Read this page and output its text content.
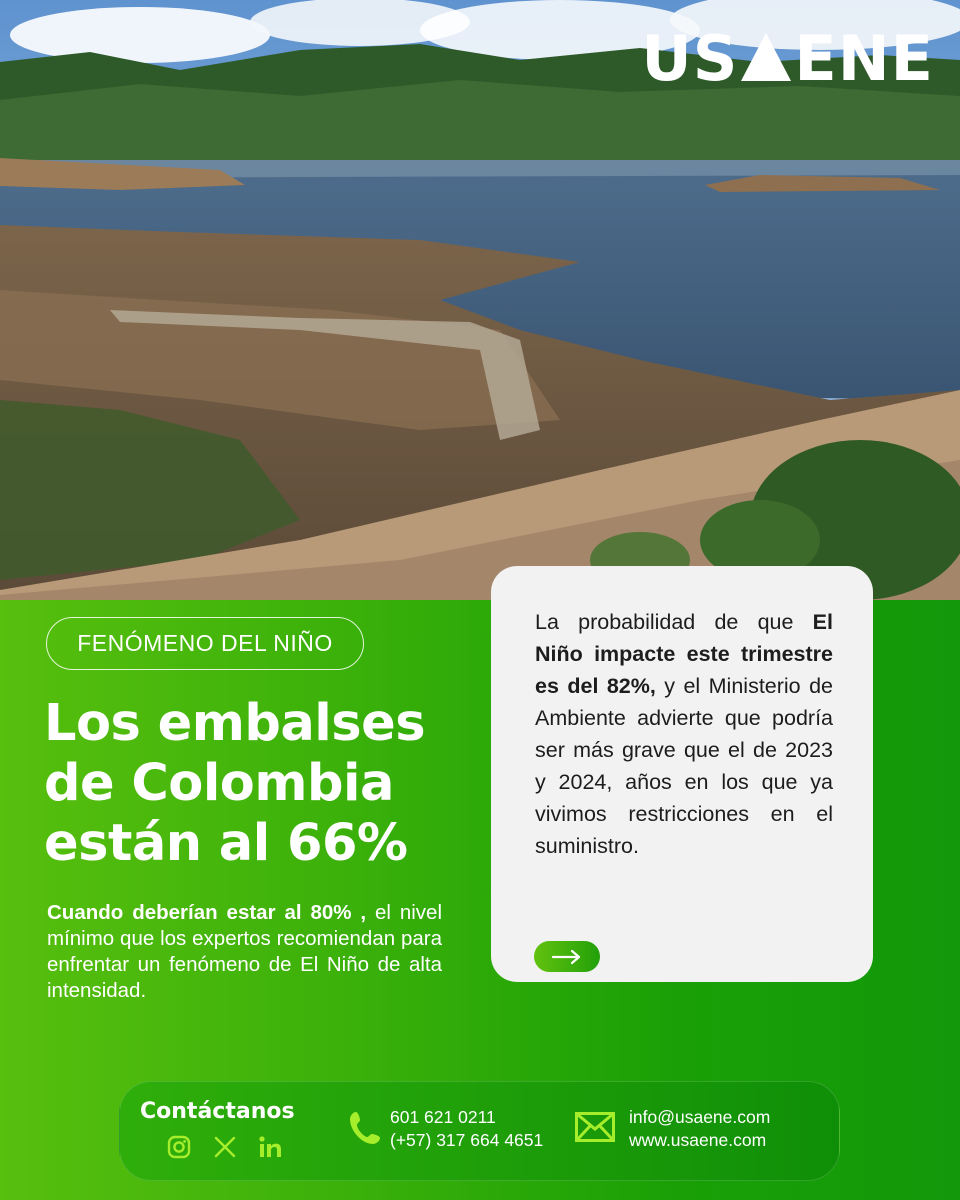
US ENE
FENÓMENO DEL NIÑO
Los embalses
de Colombia
están al 66%

Cuando deberían estar al 80% , el nivel mínimo que los expertos recomiendan para enfrentar un fenómeno de El Niño de alta intensidad.

La probabilidad de que El Niño impacte este trimestre es del 82%, y el Ministerio de Ambiente advierte que podría ser más grave que el de 2023 y 2024, años en los que ya vivimos restricciones en el suministro.

Contáctanos	601 621 0211
(+57) 317 664 4651
info@usaene.com
www.usaene.com
